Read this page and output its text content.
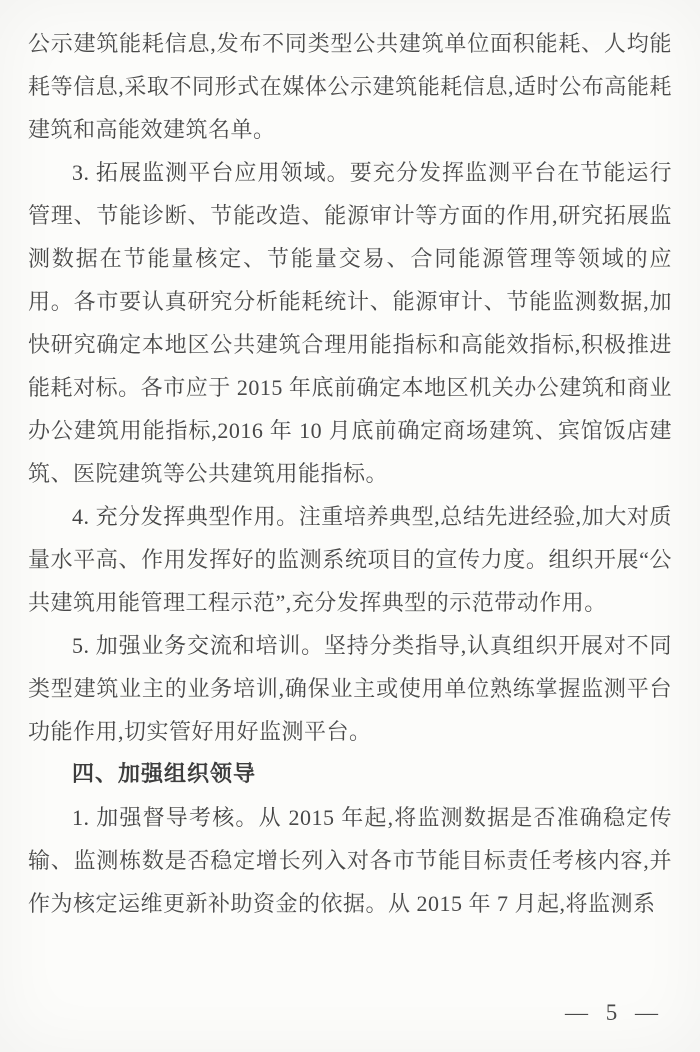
公示建筑能耗信息,发布不同类型公共建筑单位面积能耗、人均能耗等信息,采取不同形式在媒体公示建筑能耗信息,适时公布高能耗建筑和高能效建筑名单。

3. 拓展监测平台应用领域。要充分发挥监测平台在节能运行管理、节能诊断、节能改造、能源审计等方面的作用,研究拓展监测数据在节能量核定、节能量交易、合同能源管理等领域的应用。各市要认真研究分析能耗统计、能源审计、节能监测数据,加快研究确定本地区公共建筑合理用能指标和高能效指标,积极推进能耗对标。各市应于 2015 年底前确定本地区机关办公建筑和商业办公建筑用能指标,2016 年 10 月底前确定商场建筑、宾馆饭店建筑、医院建筑等公共建筑用能指标。

4. 充分发挥典型作用。注重培养典型,总结先进经验,加大对质量水平高、作用发挥好的监测系统项目的宣传力度。组织开展“公共建筑用能管理工程示范”,充分发挥典型的示范带动作用。

5. 加强业务交流和培训。坚持分类指导,认真组织开展对不同类型建筑业主的业务培训,确保业主或使用单位熟练掌握监测平台功能作用,切实管好用好监测平台。

四、加强组织领导

1. 加强督导考核。从 2015 年起,将监测数据是否准确稳定传输、监测栋数是否稳定增长列入对各市节能目标责任考核内容,并作为核定运维更新补助资金的依据。从 2015 年 7 月起,将监测系

— 5 —
